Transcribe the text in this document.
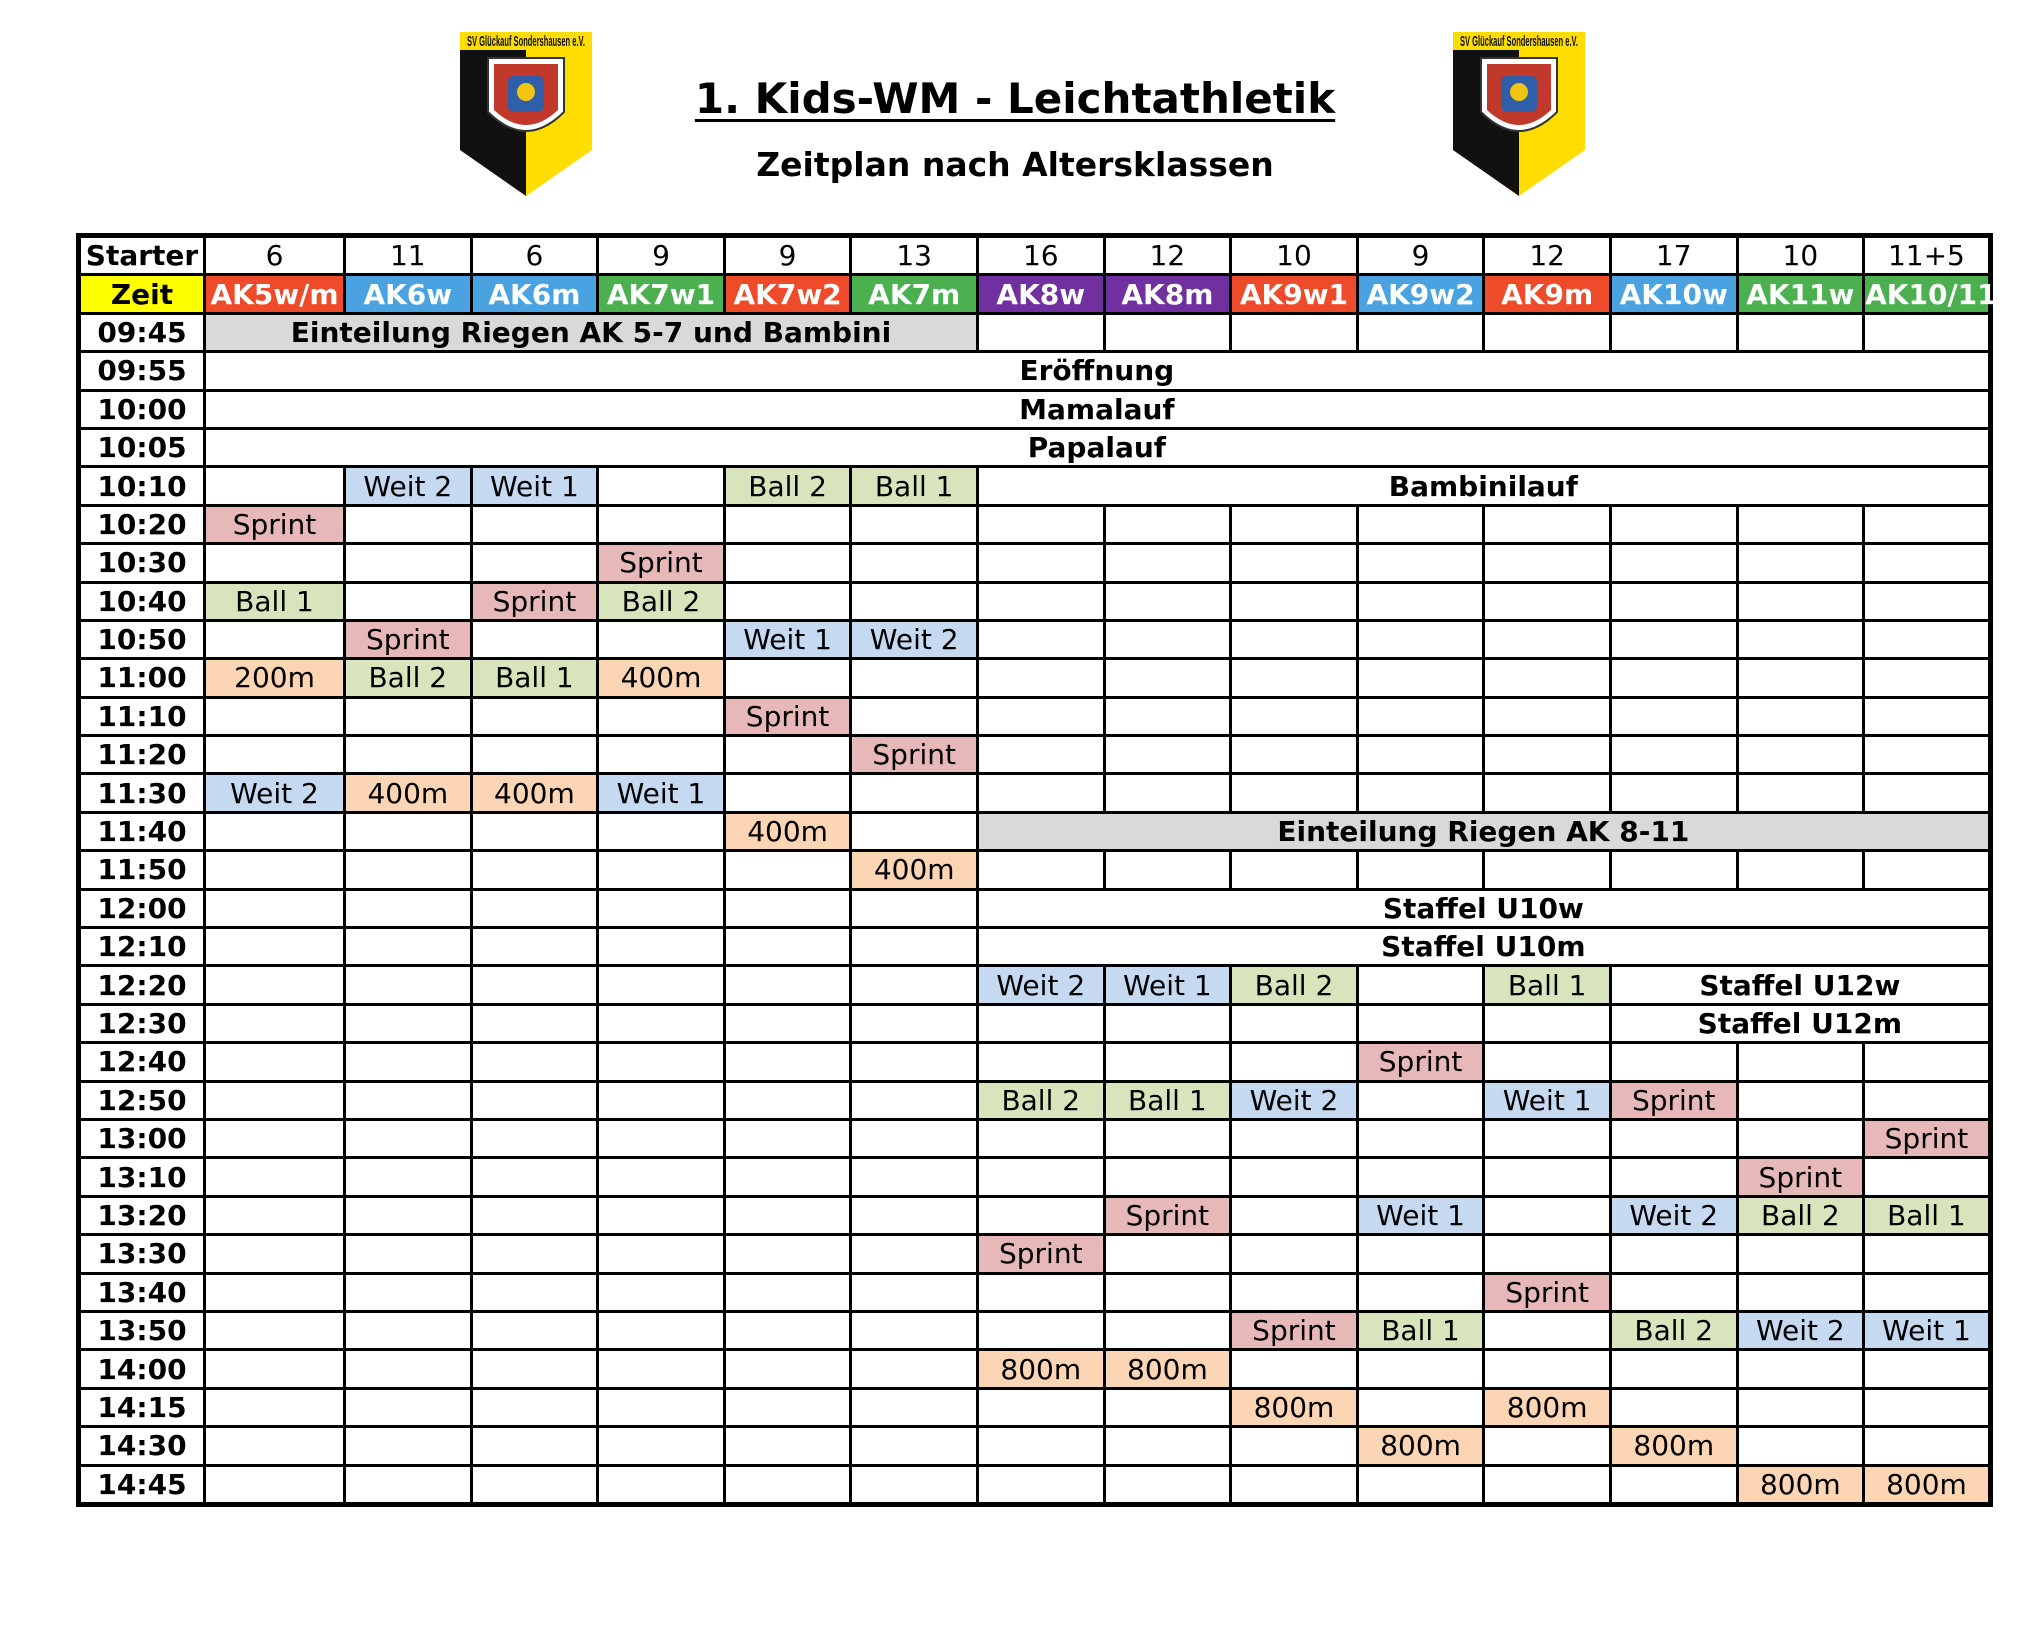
SV Glückauf Sondershausen e.V.	SV Glückauf Sondershausen e.V.
1. Kids-WM - Leichtathletik
Zeitplan nach Altersklassen
Starter	6	11	6	9	9	13	16	12	10	9	12	17	10	11+5
Zeit	AK5w/m	AK6w	AK6m	AK7w1	AK7w2	AK7m	AK8w	AK8m	AK9w1	AK9w2	AK9m	AK10w	AK11w	AK10/11m
09:45	Einteilung Riegen AK 5-7 und Bambini													
09:55	Eröffnung													
10:00	Mamalauf													
10:05	Papalauf													
10:10		Weit 2	Weit 1		Ball 2	Ball 1	Bambinilauf							
10:20	Sprint													
10:30				Sprint										
10:40	Ball 1		Sprint	Ball 2										
10:50		Sprint			Weit 1	Weit 2								
11:00	200m	Ball 2	Ball 1	400m										
11:10					Sprint									
11:20						Sprint								
11:30	Weit 2	400m	400m	Weit 1										
11:40					400m		Einteilung Riegen AK 8-11							
11:50						400m								
12:00							Staffel U10w							
12:10							Staffel U10m							
12:20							Weit 2	Weit 1	Ball 2		Ball 1	Staffel U12w		
12:30												Staffel U12m		
12:40										Sprint				
12:50							Ball 2	Ball 1	Weit 2		Weit 1	Sprint		
13:00														Sprint
13:10													Sprint	
13:20								Sprint		Weit 1		Weit 2	Ball 2	Ball 1
13:30							Sprint							
13:40											Sprint			
13:50									Sprint	Ball 1		Ball 2	Weit 2	Weit 1
14:00							800m	800m						
14:15									800m		800m			
14:30										800m		800m		
14:45													800m	800m
